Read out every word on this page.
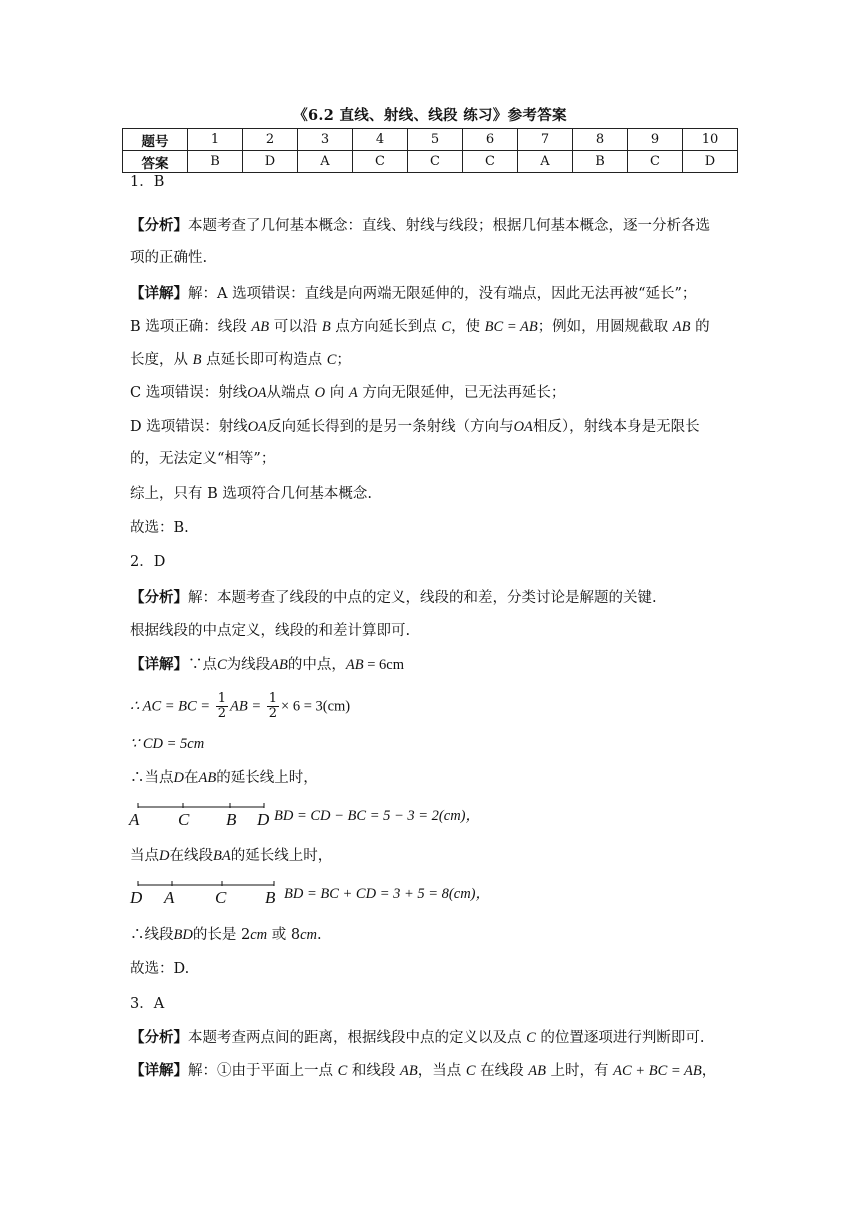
《6.2 直线、射线、线段 练习》参考答案
题号	1	2	3	4	5	6	7	8	9	10
答案	B	D	A	C	C	C	A	B	C	D
1．B
【分析】本题考查了几何基本概念：直线、射线与线段；根据几何基本概念，逐一分析各选
项的正确性.
【详解】解：A 选项错误：直线是向两端无限延伸的，没有端点，因此无法再被“延长”；
B 选项正确：线段 AB 可以沿 B 点方向延长到点 C，使 BC = AB；例如，用圆规截取 AB 的
长度，从 B 点延长即可构造点 C；
C 选项错误：射线OA从端点 O 向 A 方向无限延伸，已无法再延长；
D 选项错误：射线OA反向延长得到的是另一条射线（方向与OA相反），射线本身是无限长
的，无法定义“相等”；
综上，只有 B 选项符合几何基本概念.
故选：B.
2．D
【分析】解：本题考查了线段的中点的定义，线段的和差，分类讨论是解题的关键.
根据线段的中点定义，线段的和差计算即可.
【详解】∵点C为线段AB的中点，AB = 6cm
∴ AC = BC = $\frac{1}{2}$ AB = $\frac{1}{2} \times 6 = 3(cm)$
∵ CD = 5cm
∴当点D在AB的延长线上时，
A C B D BD = CD − BC = 5 − 3 = 2(cm)，
当点D在线段BA的延长线上时，
D A C B BD = BC + CD = 3 + 5 = 8(cm)，
∴线段BD的长是 2cm 或 8cm.
故选：D.
3．A
【分析】本题考查两点间的距离，根据线段中点的定义以及点 C 的位置逐项进行判断即可.
【详解】解：①由于平面上一点 C 和线段 AB，当点 C 在线段 AB 上时，有 AC + BC = AB，
